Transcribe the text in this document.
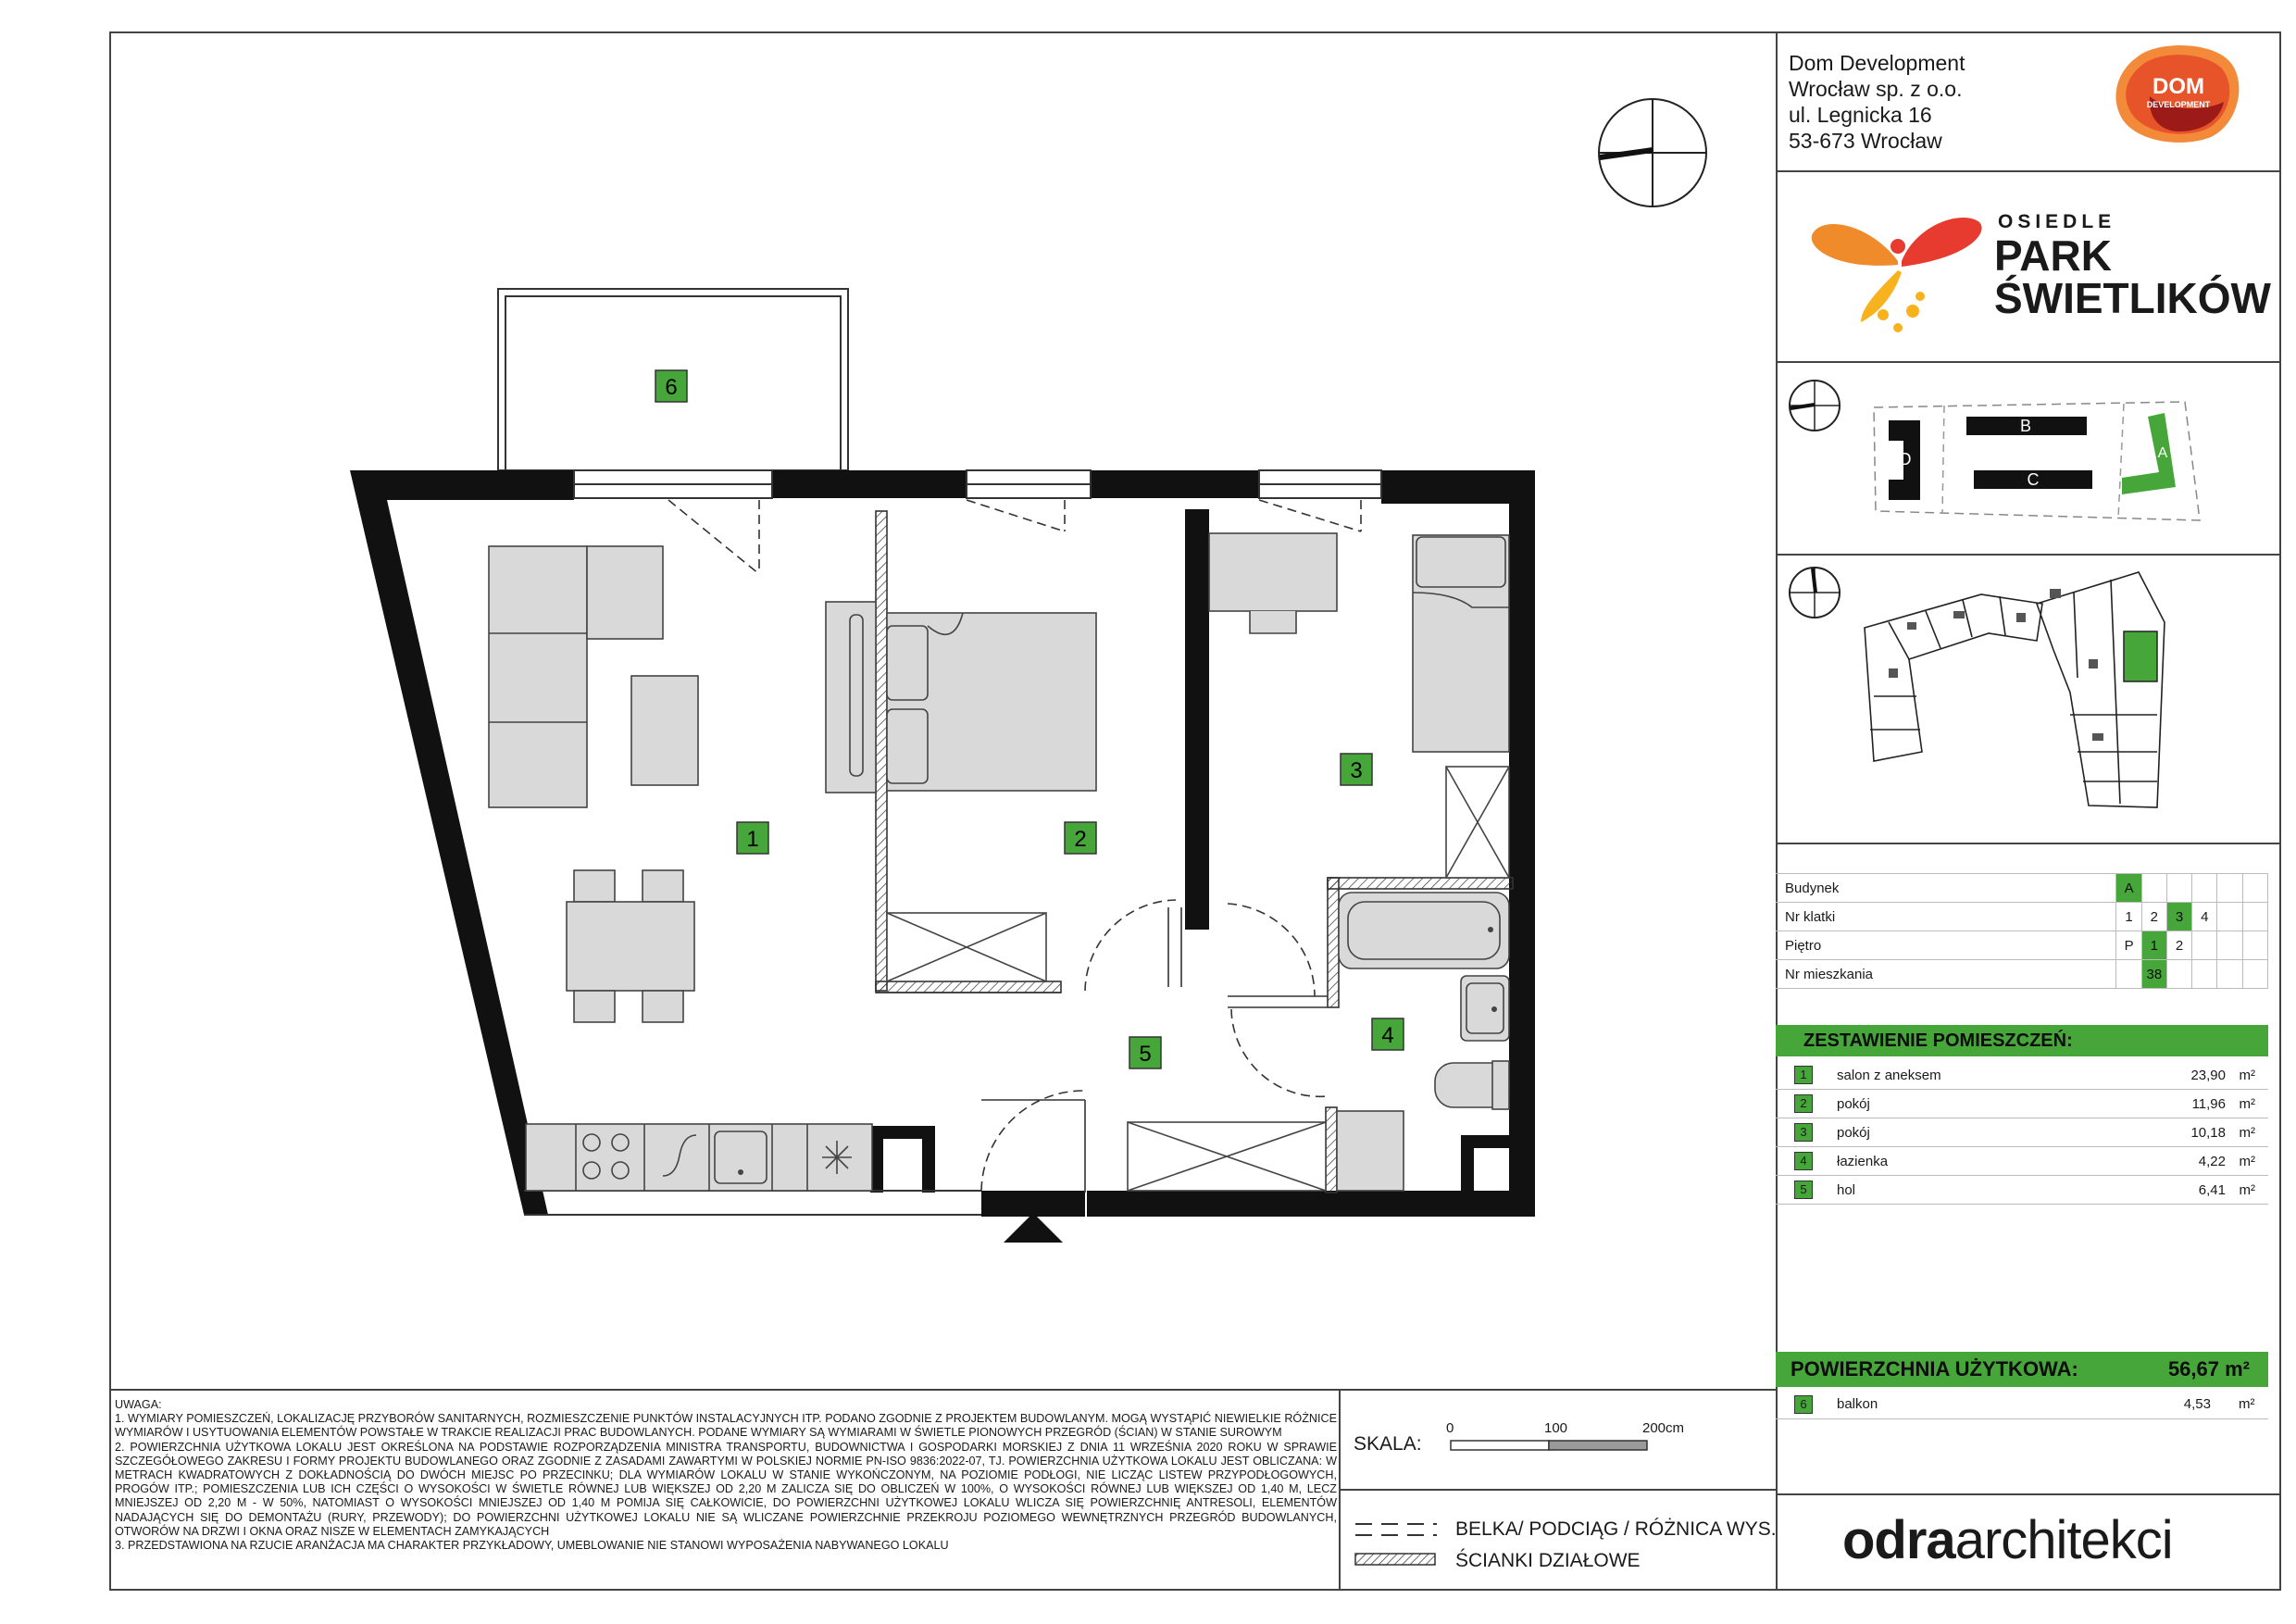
Dom Development
Wrocław sp. z o.o.
ul. Legnicka 16
53-673 Wrocław
DOM
DEVELOPMENT
OSIEDLE
PARK
ŚWIETLIKÓW
B
C
D	A
Budynek	A					
Nr klatki	1	2	3	4		
Piętro	P	1	2			
Nr mieszkania		38				
ZESTAWIENIE POMIESZCZEŃ:
1	salon z aneksem	23,90	m²
2	pokój	11,96	m²
3	pokój	10,18	m²
4	łazienka	4,22	m²
5	hol	6,41	m²
POWIERZCHNIA UŻYTKOWA:	56,67 m²
6	balkon	4,53 m²
odraarchitekci
SKALA:
0	100	200cm
BELKA/ PODCIĄG / RÓŻNICA WYS.
ŚCIANKI DZIAŁOWE

UWAGA:

1. WYMIARY POMIESZCZEŃ, LOKALIZACJĘ PRZYBORÓW SANITARNYCH, ROZMIESZCZENIE PUNKTÓW INSTALACYJNYCH ITP. PODANO ZGODNIE Z PROJEKTEM BUDOWLANYM. MOGĄ WYSTĄPIĆ NIEWIELKIE RÓŻNICE WYMIARÓW I USYTUOWANIA ELEMENTÓW POWSTAŁE W TRAKCIE REALIZACJI PRAC BUDOWLANYCH. PODANE WYMIARY SĄ WYMIARAMI W ŚWIETLE PIONOWYCH PRZEGRÓD (ŚCIAN) W STANIE SUROWYM

2. POWIERZCHNIA UŻYTKOWA LOKALU JEST OKREŚLONA NA PODSTAWIE ROZPORZĄDZENIA MINISTRA TRANSPORTU, BUDOWNICTWA I GOSPODARKI MORSKIEJ Z DNIA 11 WRZEŚNIA 2020 ROKU W SPRAWIE SZCZEGÓŁOWEGO ZAKRESU I FORMY PROJEKTU BUDOWLANEGO ORAZ ZGODNIE Z ZASADAMI ZAWARTYMI W POLSKIEJ NORMIE PN-ISO 9836:2022-07, TJ. POWIERZCHNIA UŻYTKOWA LOKALU JEST OBLICZANA: W METRACH KWADRATOWYCH Z DOKŁADNOŚCIĄ DO DWÓCH MIEJSC PO PRZECINKU; DLA WYMIARÓW LOKALU W STANIE WYKOŃCZONYM, NA POZIOMIE PODŁOGI, NIE LICZĄC LISTEW PRZYPODŁOGOWYCH, PROGÓW ITP.; POMIESZCZENIA LUB ICH CZĘŚCI O WYSOKOŚCI W ŚWIETLE RÓWNEJ LUB WIĘKSZEJ OD 2,20 M ZALICZA SIĘ DO OBLICZEŃ W 100%, O WYSOKOŚCI RÓWNEJ LUB WIĘKSZEJ OD 1,40 M, LECZ MNIEJSZEJ OD 2,20 M - W 50%, NATOMIAST O WYSOKOŚCI MNIEJSZEJ OD 1,40 M POMIJA SIĘ CAŁKOWICIE, DO POWIERZCHNI UŻYTKOWEJ LOKALU WLICZA SIĘ POWIERZCHNIĘ ANTRESOLI, ELEMENTÓW NADAJĄCYCH SIĘ DO DEMONTAŻU (RURY, PRZEWODY); DO POWIERZCHNI UŻYTKOWEJ LOKALU NIE SĄ WLICZANE POWIERZCHNIE PRZEKROJU POZIOMEGO WEWNĘTRZNYCH PRZEGRÓD BUDOWLANYCH, OTWORÓW NA DRZWI I OKNA ORAZ NISZE W ELEMENTACH ZAMYKAJĄCYCH

3. PRZEDSTAWIONA NA RZUCIE ARANŻACJA MA CHARAKTER PRZYKŁADOWY, UMEBLOWANIE NIE STANOWI WYPOSAŻENIA NABYWANEGO LOKALU

1	2
3
4
5
6
